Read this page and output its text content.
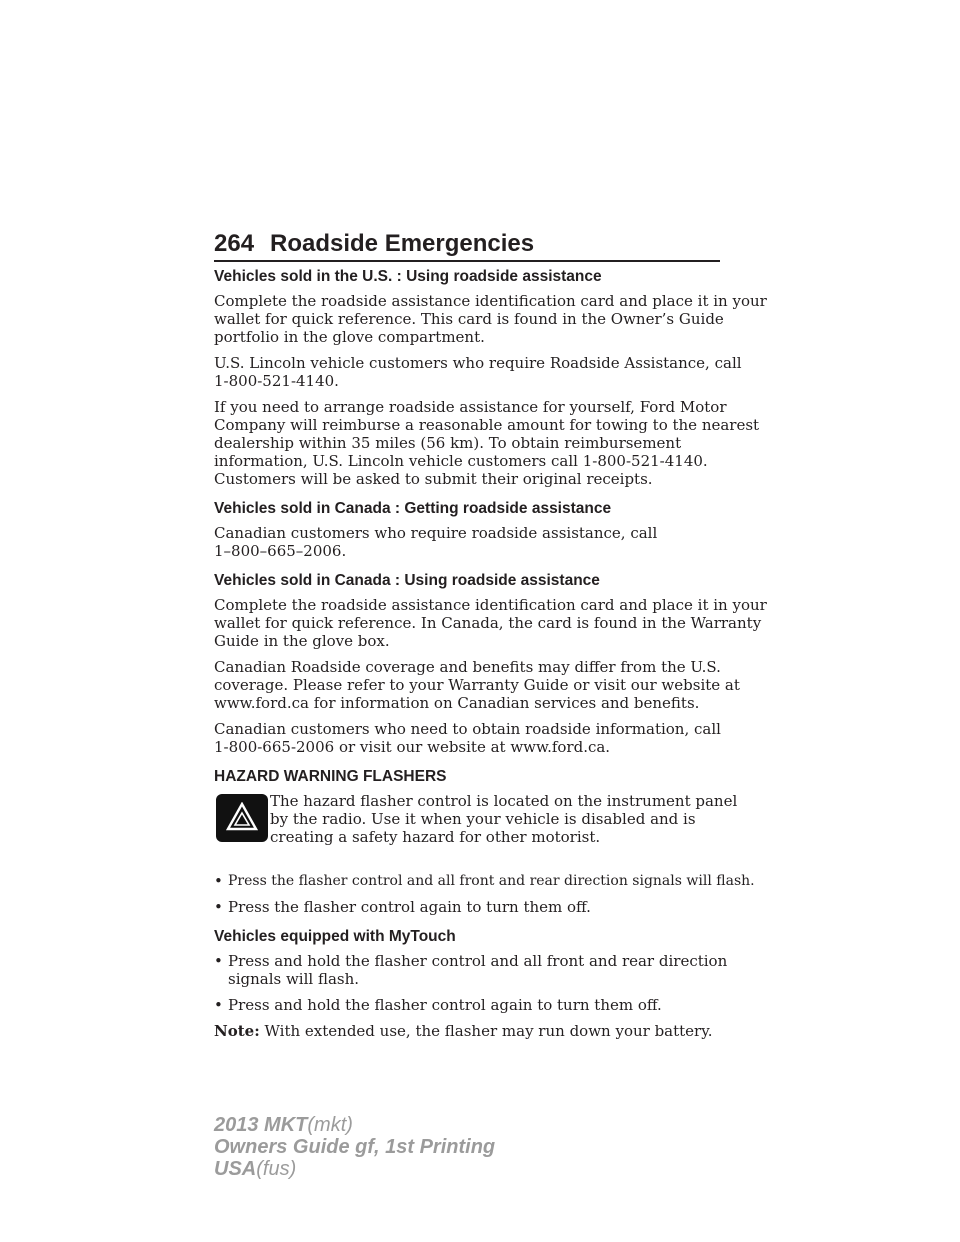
264 Roadside Emergencies
Vehicles sold in the U.S. : Using roadside assistance
Complete the roadside assistance identification card and place it in your
wallet for quick reference. This card is found in the Owner’s Guide
portfolio in the glove compartment.
U.S. Lincoln vehicle customers who require Roadside Assistance, call
1-800-521-4140.
If you need to arrange roadside assistance for yourself, Ford Motor
Company will reimburse a reasonable amount for towing to the nearest
dealership within 35 miles (56 km). To obtain reimbursement
information, U.S. Lincoln vehicle customers call 1-800-521-4140.
Customers will be asked to submit their original receipts.
Vehicles sold in Canada : Getting roadside assistance
Canadian customers who require roadside assistance, call
1–800–665–2006.
Vehicles sold in Canada : Using roadside assistance
Complete the roadside assistance identification card and place it in your
wallet for quick reference. In Canada, the card is found in the Warranty
Guide in the glove box.
Canadian Roadside coverage and benefits may differ from the U.S.
coverage. Please refer to your Warranty Guide or visit our website at
www.ford.ca for information on Canadian services and benefits.
Canadian customers who need to obtain roadside information, call
1-800-665-2006 or visit our website at www.ford.ca.
HAZARD WARNING FLASHERS
The hazard flasher control is located on the instrument panel
by the radio. Use it when your vehicle is disabled and is
creating a safety hazard for other motorist.
• Press the flasher control and all front and rear direction signals will flash.
• Press the flasher control again to turn them off.
Vehicles equipped with MyTouch
• Press and hold the flasher control and all front and rear direction
signals will flash.
• Press and hold the flasher control again to turn them off.
Note: With extended use, the flasher may run down your battery.
2013 MKT(mkt)
Owners Guide gf, 1st Printing
USA(fus)
